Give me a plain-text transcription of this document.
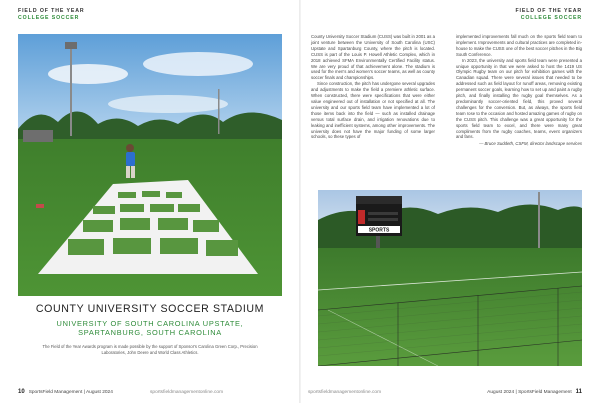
FIELD OF THE YEAR
COLLEGE SOCCER
COUNTY UNIVERSITY SOCCER STADIUM
UNIVERSITY OF SOUTH CAROLINA UPSTATE,
SPARTANBURG, SOUTH CAROLINA
The Field of the Year Awards program is made possible by the support of Sponsor's Carolina Green Corp., Precision Laboratories, John Deere and World Class Athletics.
10 SportsField Management | August 2024	sportsfieldmanagementonline.com
FIELD OF THE YEAR
COLLEGE SOCCER
sportsfieldmanagementonline.com	August 2024 | SportsField Management 11

County University Soccer Stadium (CUSS) was built in 2001 as a joint venture between the University of South Carolina (USC) Upstate and Spartanburg County, where the pitch is located. CUSS is part of the Louis P. Howell Athletic Complex, which in 2018 achieved SFMA Environmentally Certified Facility status. We are very proud of that achievement alone. The stadium is used for the men's and women's soccer teams, as well as county soccer finals and championships.

Since construction, the pitch has undergone several upgrades and adjustments to make the field a premiere athletic surface. When constructed, there were specifications that were either value engineered out of installation or not specified at all. The university and our sports field team have implemented a lot of those items back into the field — such as installed drainage versus total surface drain, and irrigation renovations due to leaking and inefficient systems, among other improvements. The university does not have the major funding of some larger schools, so these types of

implemented improvements fall much on the sports field team to implement. Improvements and cultural practices are completed in-house to make the CUSS one of the best soccer pitches in the Big South Conference.

In 2023, the university and sports field team were presented a unique opportunity in that we were asked to host the 1419 US Olympic Rugby team on our pitch for exhibition games with the Canadian squad. There were several issues that needed to be addressed such as field layout for runoff areas, removing existing permanent soccer goals, learning how to set up and paint a rugby pitch, and finally installing the rugby goal themselves. As a predominantly soccer-oriented field, this proved several challenges for the conversion. But, as always, the sports field team rose to the occasion and hosted amazing games of rugby on the CUSS pitch. This challenge was a great opportunity for the sports field team to excel, and there were many great compliments from the rugby coaches, teams, event organizers and fans.

— Bruce Suddeth, CSFM, director landscape services
SPORTS
